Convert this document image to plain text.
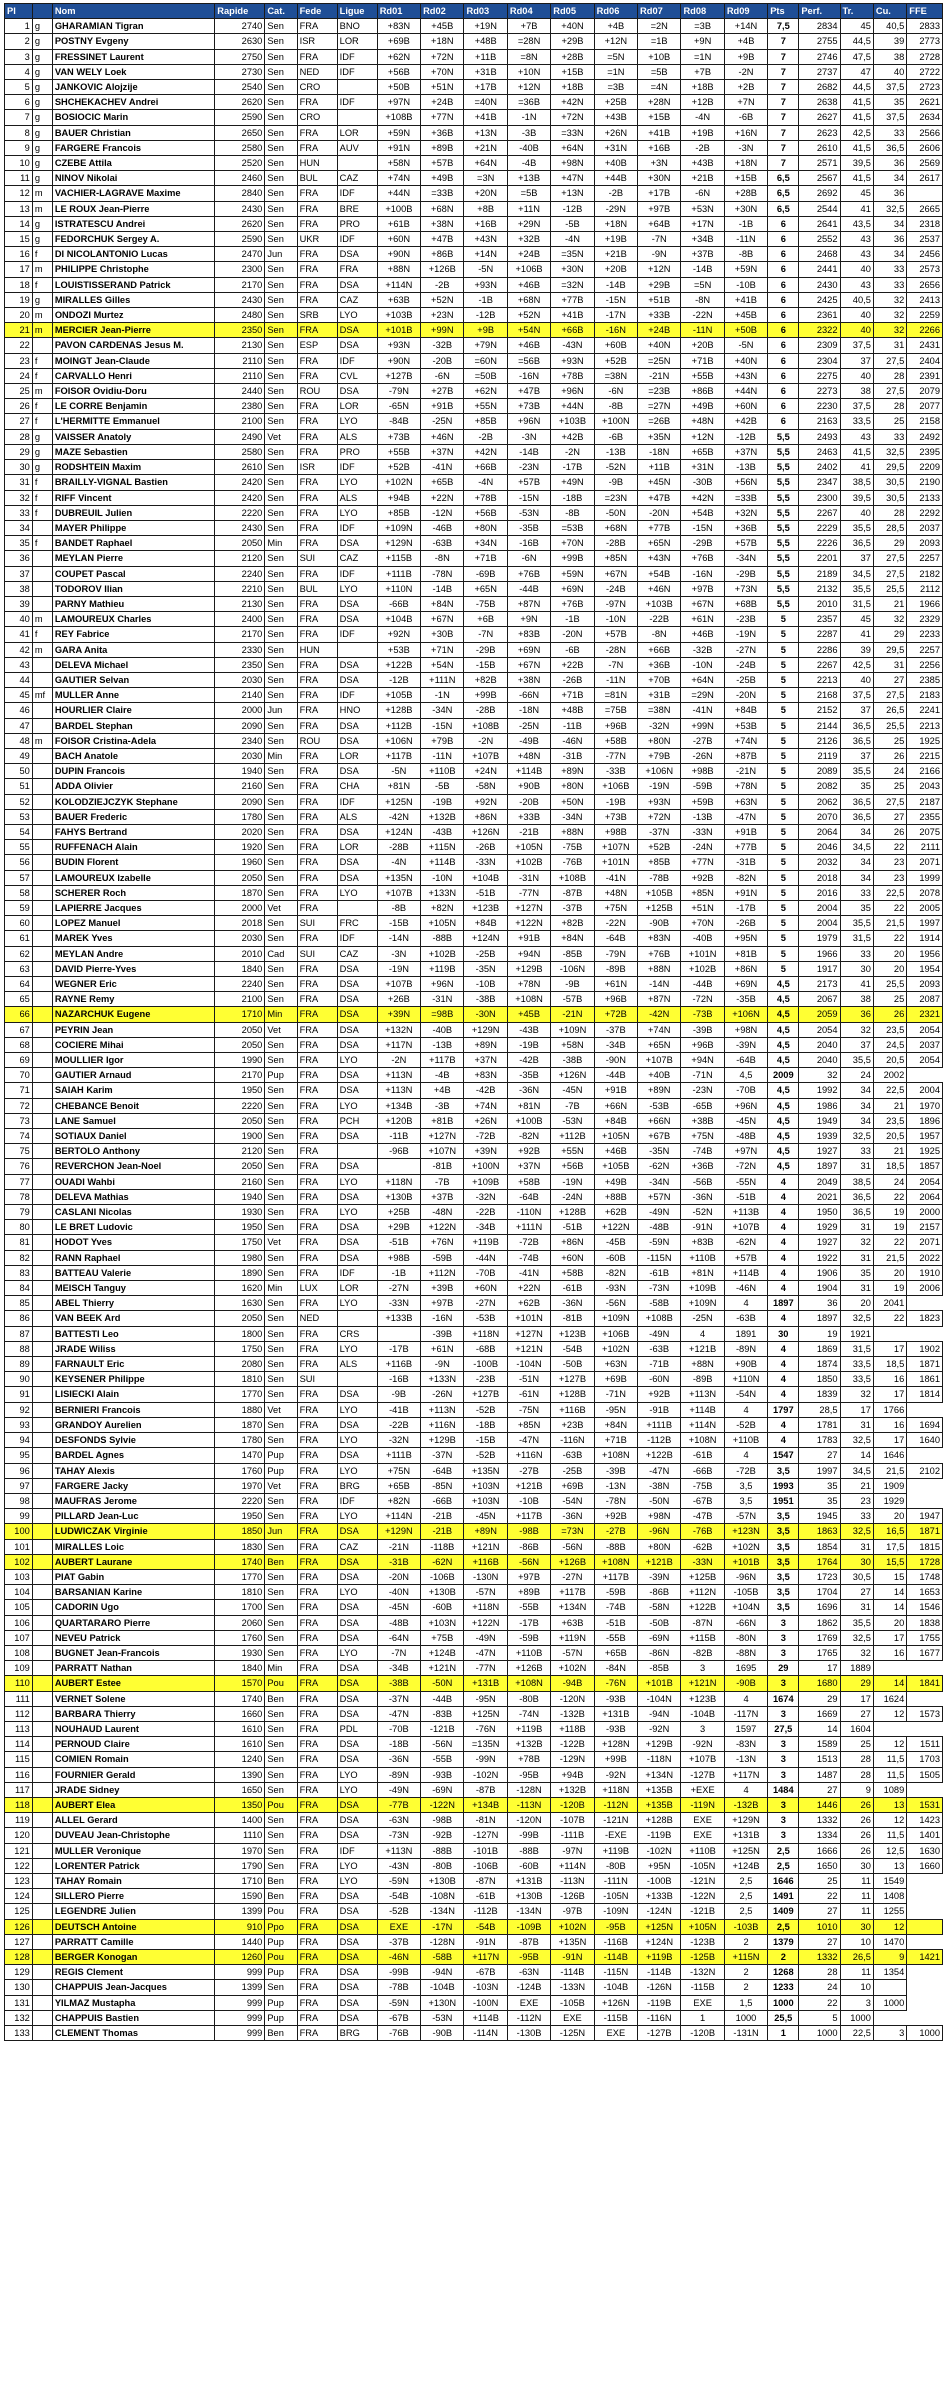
Pl		Nom	Rapide	Cat.	Fede	Ligue	Rd01	Rd02	Rd03	Rd04	Rd05	Rd06	Rd07	Rd08	Rd09	Pts	Perf.	Tr.	Cu.	FFE
1	g	GHARAMIAN Tigran	2740	Sen	FRA	BNO	+83N	+45B	+19N	+7B	+40N	+4B	=2N	=3B	+14N	7,5	2834	45	40,5	2833
2	g	POSTNY Evgeny	2630	Sen	ISR	LOR	+69B	+18N	+48B	=28N	+29B	+12N	=1B	+9N	+4B	7	2755	44,5	39	2773
3	g	FRESSINET Laurent	2750	Sen	FRA	IDF	+62N	+72N	+11B	=8N	+28B	=5N	+10B	=1N	+9B	7	2746	47,5	38	2728
4	g	VAN WELY Loek	2730	Sen	NED	IDF	+56B	+70N	+31B	+10N	+15B	=1N	=5B	+7B	-2N	7	2737	47	40	2722
5	g	JANKOVIC Alojzije	2540	Sen	CRO		+50B	+51N	+17B	+12N	+18B	=3B	=4N	+18B	+2B	7	2682	44,5	37,5	2723
6	g	SHCHEKACHEV Andrei	2620	Sen	FRA	IDF	+97N	+24B	=40N	=36B	+42N	+25B	+28N	+12B	+7N	7	2638	41,5	35	2621
7	g	BOSIOCIC Marin	2590	Sen	CRO		+108B	+77N	+41B	-1N	+72N	+43B	+15B	-4N	-6B	7	2627	41,5	37,5	2634
8	g	BAUER Christian	2650	Sen	FRA	LOR	+59N	+36B	+13N	-3B	=33N	+26N	+41B	+19B	+16N	7	2623	42,5	33	2566
9	g	FARGERE Francois	2580	Sen	FRA	AUV	+91N	+89B	+21N	-40B	+64N	+31N	+16B	-2B	-3N	7	2610	41,5	36,5	2606
10	g	CZEBE Attila	2520	Sen	HUN		+58N	+57B	+64N	-4B	+98N	+40B	+3N	+43B	+18N	7	2571	39,5	36	2569
11	g	NINOV Nikolai	2460	Sen	BUL	CAZ	+74N	+49B	=3N	+13B	+47N	+44B	+30N	+21B	+15B	6,5	2567	41,5	34	2617
12	m	VACHIER-LAGRAVE Maxime	2840	Sen	FRA	IDF	+44N	=33B	+20N	=5B	+13N	-2B	+17B	-6N	+28B	6,5	2692	45	36	
13	m	LE ROUX Jean-Pierre	2430	Sen	FRA	BRE	+100B	+68N	+8B	+11N	-12B	-29N	+97B	+53N	+30N	6,5	2544	41	32,5	2665
14	g	ISTRATESCU Andrei	2620	Sen	FRA	PRO	+61B	+38N	+16B	+29N	-5B	+18N	+64B	+17N	-1B	6	2641	43,5	34	2318
15	g	FEDORCHUK Sergey A.	2590	Sen	UKR	IDF	+60N	+47B	+43N	+32B	-4N	+19B	-7N	+34B	-11N	6	2552	43	36	2537
16	f	DI NICOLANTONIO Lucas	2470	Jun	FRA	DSA	+90N	+86B	+14N	+24B	=35N	+21B	-9N	+37B	-8B	6	2468	43	34	2456
17	m	PHILIPPE Christophe	2300	Sen	FRA	FRA	+88N	+126B	-5N	+106B	+30N	+20B	+12N	-14B	+59N	6	2441	40	33	2573
18	f	LOUISTISSERAND Patrick	2170	Sen	FRA	DSA	+114N	-2B	+93N	+46B	=32N	-14B	+29B	=5N	-10B	6	2430	43	33	2656
19	g	MIRALLES Gilles	2430	Sen	FRA	CAZ	+63B	+52N	-1B	+68N	+77B	-15N	+51B	-8N	+41B	6	2425	40,5	32	2413
20	m	ONDOZI Murtez	2480	Sen	SRB	LYO	+103B	+23N	-12B	+52N	+41B	-17N	+33B	-22N	+45B	6	2361	40	32	2259
21	m	MERCIER Jean-Pierre	2350	Sen	FRA	DSA	+101B	+99N	+9B	+54N	+66B	-16N	+24B	-11N	+50B	6	2322	40	32	2266
22		PAVON CARDENAS Jesus M.	2130	Sen	ESP	DSA	+93N	-32B	+79N	+46B	-43N	+60B	+40N	+20B	-5N	6	2309	37,5	31	2431
23	f	MOINGT Jean-Claude	2110	Sen	FRA	IDF	+90N	-20B	=60N	=56B	+93N	+52B	=25N	+71B	+40N	6	2304	37	27,5	2404
24	f	CARVALLO Henri	2110	Sen	FRA	CVL	+127B	-6N	=50B	-16N	+78B	=38N	-21N	+55B	+43N	6	2275	40	28	2391
25	m	FOISOR Ovidiu-Doru	2440	Sen	ROU	DSA	-79N	+27B	+62N	+47B	+96N	-6N	=23B	+86B	+44N	6	2273	38	27,5	2079
26	f	LE CORRE Benjamin	2380	Sen	FRA	LOR	-65N	+91B	+55N	+73B	+44N	-8B	=27N	+49B	+60N	6	2230	37,5	28	2077
27	f	L'HERMITTE Emmanuel	2100	Sen	FRA	LYO	-84B	-25N	+85B	+96N	+103B	+100N	=26B	+48N	+42B	6	2163	33,5	25	2158
28	g	VAISSER Anatoly	2490	Vet	FRA	ALS	+73B	+46N	-2B	-3N	+42B	-6B	+35N	+12N	-12B	5,5	2493	43	33	2492
29	g	MAZE Sebastien	2580	Sen	FRA	PRO	+55B	+37N	+42N	-14B	-2N	-13B	-18N	+65B	+37N	5,5	2463	41,5	32,5	2395
30	g	RODSHTEIN Maxim	2610	Sen	ISR	IDF	+52B	-41N	+66B	-23N	-17B	-52N	+11B	+31N	-13B	5,5	2402	41	29,5	2209
31	f	BRAILLY-VIGNAL Bastien	2420	Sen	FRA	LYO	+102N	+65B	-4N	+57B	+49N	-9B	+45N	-30B	+56N	5,5	2347	38,5	30,5	2190
32	f	RIFF Vincent	2420	Sen	FRA	ALS	+94B	+22N	+78B	-15N	-18B	=23N	+47B	+42N	=33B	5,5	2300	39,5	30,5	2133
33	f	DUBREUIL Julien	2220	Sen	FRA	LYO	+85B	-12N	+56B	-53N	-8B	-50N	-20N	+54B	+32N	5,5	2267	40	28	2292
34		MAYER Philippe	2430	Sen	FRA	IDF	+109N	-46B	+80N	-35B	=53B	+68N	+77B	-15N	+36B	5,5	2229	35,5	28,5	2037
35	f	BANDET Raphael	2050	Min	FRA	DSA	+129N	-63B	+34N	-16B	+70N	-28B	+65N	-29B	+57B	5,5	2226	36,5	29	2093
36		MEYLAN Pierre	2120	Sen	SUI	CAZ	+115B	-8N	+71B	-6N	+99B	+85N	+43N	+76B	-34N	5,5	2201	37	27,5	2257
37		COUPET Pascal	2240	Sen	FRA	IDF	+111B	-78N	-69B	+76B	+59N	+67N	+54B	-16N	-29B	5,5	2189	34,5	27,5	2182
38		TODOROV Ilian	2210	Sen	BUL	LYO	+110N	-14B	+65N	-44B	+69N	-24B	+46N	+97B	+73N	5,5	2132	35,5	25,5	2112
39		PARNY Mathieu	2130	Sen	FRA	DSA	-66B	+84N	-75B	+87N	+76B	-97N	+103B	+67N	+68B	5,5	2010	31,5	21	1966
40	m	LAMOUREUX Charles	2400	Sen	FRA	DSA	+104B	+67N	+6B	+9N	-1B	-10N	-22B	+61N	-23B	5	2357	45	32	2329
41	f	REY Fabrice	2170	Sen	FRA	IDF	+92N	+30B	-7N	+83B	-20N	+57B	-8N	+46B	-19N	5	2287	41	29	2233
42	m	GARA Anita	2330	Sen	HUN		+53B	+71N	-29B	+69N	-6B	-28N	+66B	-32B	-27N	5	2286	39	29,5	2257
43		DELEVA Michael	2350	Sen	FRA	DSA	+122B	+54N	-15B	+67N	+22B	-7N	+36B	-10N	-24B	5	2267	42,5	31	2256
44		GAUTIER Selvan	2030	Sen	FRA	DSA	-12B	+111N	+82B	+38N	-26B	-11N	+70B	+64N	-25B	5	2213	40	27	2385
45	mf	MULLER Anne	2140	Sen	FRA	IDF	+105B	-1N	+99B	-66N	+71B	=81N	+31B	=29N	-20N	5	2168	37,5	27,5	2183
46		HOURLIER Claire	2000	Jun	FRA	HNO	+128B	-34N	-28B	-18N	+48B	=75B	=38N	-41N	+84B	5	2152	37	26,5	2241
47		BARDEL Stephan	2090	Sen	FRA	DSA	+112B	-15N	+108B	-25N	-11B	+96B	-32N	+99N	+53B	5	2144	36,5	25,5	2213
48	m	FOISOR Cristina-Adela	2340	Sen	ROU	DSA	+106N	+79B	-2N	-49B	-46N	+58B	+80N	-27B	+74N	5	2126	36,5	25	1925
49		BACH Anatole	2030	Min	FRA	LOR	+117B	-11N	+107B	+48N	-31B	-77N	+79B	-26N	+87B	5	2119	37	26	2215
50		DUPIN Francois	1940	Sen	FRA	DSA	-5N	+110B	+24N	+114B	+89N	-33B	+106N	+98B	-21N	5	2089	35,5	24	2166
51		ADDA Olivier	2160	Sen	FRA	CHA	+81N	-5B	-58N	+90B	+80N	+106B	-19N	-59B	+78N	5	2082	35	25	2043
52		KOLODZIEJCZYK Stephane	2090	Sen	FRA	IDF	+125N	-19B	+92N	-20B	+50N	-19B	+93N	+59B	+63N	5	2062	36,5	27,5	2187
53		BAUER Frederic	1780	Sen	FRA	ALS	-42N	+132B	+86N	+33B	-34N	+73B	+72N	-13B	-47N	5	2070	36,5	27	2355
54		FAHYS Bertrand	2020	Sen	FRA	DSA	+124N	-43B	+126N	-21B	+88N	+98B	-37N	-33N	+91B	5	2064	34	26	2075
55		RUFFENACH Alain	1920	Sen	FRA	LOR	-28B	+115N	-26B	+105N	-75B	+107N	+52B	-24N	+77B	5	2046	34,5	22	2111
56		BUDIN Florent	1960	Sen	FRA	DSA	-4N	+114B	-33N	+102B	-76B	+101N	+85B	+77N	-31B	5	2032	34	23	2071
57		LAMOUREUX Izabelle	2050	Sen	FRA	DSA	+135N	-10N	+104B	-31N	+108B	-41N	-78B	+92B	-82N	5	2018	34	23	1999
58		SCHERER Roch	1870	Sen	FRA	LYO	+107B	+133N	-51B	-77N	-87B	+48N	+105B	+85N	+91N	5	2016	33	22,5	2078
59		LAPIERRE Jacques	2000	Vet	FRA		-8B	+82N	+123B	+127N	-37B	+75N	+125B	+51N	-17B	5	2004	35	22	2005
60		LOPEZ Manuel	2018	Sen	SUI	FRC	-15B	+105N	+84B	+122N	+82B	-22N	-90B	+70N	-26B	5	2004	35,5	21,5	1997
61		MAREK Yves	2030	Sen	FRA	IDF	-14N	-88B	+124N	+91B	+84N	-64B	+83N	-40B	+95N	5	1979	31,5	22	1914
62		MEYLAN Andre	2010	Cad	SUI	CAZ	-3N	+102B	-25B	+94N	-85B	-79N	+76B	+101N	+81B	5	1966	33	20	1956
63		DAVID Pierre-Yves	1840	Sen	FRA	DSA	-19N	+119B	-35N	+129B	-106N	-89B	+88N	+102B	+86N	5	1917	30	20	1954
64		WEGNER Eric	2240	Sen	FRA	DSA	+107B	+96N	-10B	+78N	-9B	+61N	-14N	-44B	+69N	4,5	2173	41	25,5	2093
65		RAYNE Remy	2100	Sen	FRA	DSA	+26B	-31N	-38B	+108N	-57B	+96B	+87N	-72N	-35B	4,5	2067	38	25	2087
66		NAZARCHUK Eugene	1710	Min	FRA	DSA	+39N	=98B	-30N	+45B	-21N	+72B	-42N	-73B	+106N	4,5	2059	36	26	2321
67		PEYRIN Jean	2050	Vet	FRA	DSA	+132N	-40B	+129N	-43B	+109N	-37B	+74N	-39B	+98N	4,5	2054	32	23,5	2054
68		COCIERE Mihai	2050	Sen	FRA	DSA	+117N	-13B	+89N	-19B	+58N	-34B	+65N	+96B	-39N	4,5	2040	37	24,5	2037
69		MOULLIER Igor	1990	Sen	FRA	LYO	-2N	+117B	+37N	-42B	-38B	-90N	+107B	+94N	-64B	4,5	2040	35,5	20,5	2054
70		GAUTIER Arnaud	2170	Pup	FRA	DSA	+113N	-4B	+83N	-35B	+126N	-44B	+40B	-71N	4,5	2009	32	24	2002	
71		SAIAH Karim	1950	Sen	FRA	DSA	+113N	+4B	-42B	-36N	-45N	+91B	+89N	-23N	-70B	4,5	1992	34	22,5	2004
72		CHEBANCE Benoit	2220	Sen	FRA	LYO	+134B	-3B	+74N	+81N	-7B	+66N	-53B	-65B	+96N	4,5	1986	34	21	1970
73		LANE Samuel	2050	Sen	FRA	PCH	+120B	+81B	+26N	+100B	-53N	+84B	+66N	+38B	-45N	4,5	1949	34	23,5	1896
74		SOTIAUX Daniel	1900	Sen	FRA	DSA	-11B	+127N	-72B	-82N	+112B	+105N	+67B	+75N	-48B	4,5	1939	32,5	20,5	1957
75		BERTOLO Anthony	2120	Sen	FRA		-96B	+107N	+39N	+92B	+55N	+46B	-35N	-74B	+97N	4,5	1927	33	21	1925
76		REVERCHON Jean-Noel	2050	Sen	FRA	DSA		-81B	+100N	+37N	+56B	+105B	-62N	+36B	-72N	4,5	1897	31	18,5	1857
77		OUADI Wahbi	2160	Sen	FRA	LYO	+118N	-7B	+109B	+58B	-19N	+49B	-34N	-56B	-55N	4	2049	38,5	24	2054
78		DELEVA Mathias	1940	Sen	FRA	DSA	+130B	+37B	-32N	-64B	-24N	+88B	+57N	-36N	-51B	4	2021	36,5	22	2064
79		CASLANI Nicolas	1930	Sen	FRA	LYO	+25B	-48N	-22B	-110N	+128B	+62B	-49N	-52N	+113B	4	1950	36,5	19	2000
80		LE BRET Ludovic	1950	Sen	FRA	DSA	+29B	+122N	-34B	+111N	-51B	+122N	-48B	-91N	+107B	4	1929	31	19	2157
81		HODOT Yves	1750	Vet	FRA	DSA	-51B	+76N	+119B	-72B	+86N	-45B	-59N	+83B	-62N	4	1927	32	22	2071
82		RANN Raphael	1980	Sen	FRA	DSA	+98B	-59B	-44N	-74B	+60N	-60B	-115N	+110B	+57B	4	1922	31	21,5	2022
83		BATTEAU Valerie	1890	Sen	FRA	IDF	-1B	+112N	-70B	-41N	+58B	-82N	-61B	+81N	+114B	4	1906	35	20	1910
84		MEISCH Tanguy	1620	Min	LUX	LOR	-27N	+39B	+60N	+22N	-61B	-93N	-73N	+109B	-46N	4	1904	31	19	2006
85		ABEL Thierry	1630	Sen	FRA	LYO	-33N	+97B	-27N	+62B	-36N	-56N	-58B	+109N	4	1897	36	20	2041	
86		VAN BEEK Ard	2050	Sen	NED		+133B	-16N	-53B	+101N	-81B	+109N	+108B	-25N	-63B	4	1897	32,5	22	1823
87		BATTESTI Leo	1800	Sen	FRA	CRS		-39B	+118N	+127N	+123B	+106B	-49N	4	1891	30	19	1921		
88		JRADE Wiliss	1750	Sen	FRA	LYO	-17B	+61N	-68B	+121N	-54B	+102N	-63B	+121B	-89N	4	1869	31,5	17	1902
89		FARNAULT Eric	2080	Sen	FRA	ALS	+116B	-9N	-100B	-104N	-50B	+63N	-71B	+88N	+90B	4	1874	33,5	18,5	1871
90		KEYSENER Philippe	1810	Sen	SUI		-16B	+133N	-23B	-51N	+127B	+69B	-60N	-89B	+110N	4	1850	33,5	16	1861
91		LISIECKI Alain	1770	Sen	FRA	DSA	-9B	-26N	+127B	-61N	+128B	-71N	+92B	+113N	-54N	4	1839	32	17	1814
92		BERNIERI Francois	1880	Vet	FRA	LYO	-41B	+113N	-52B	-75N	+116B	-95N	-91B	+114B	4	1797	28,5	17	1766	
93		GRANDOY Aurelien	1870	Sen	FRA	DSA	-22B	+116N	-18B	+85N	+23B	+84N	+111B	+114N	-52B	4	1781	31	16	1694
94		DESFONDS Sylvie	1780	Sen	FRA	LYO	-32N	+129B	-15B	-47N	-116N	+71B	-112B	+108N	+110B	4	1783	32,5	17	1640
95		BARDEL Agnes	1470	Pup	FRA	DSA	+111B	-37N	-52B	+116N	-63B	+108N	+122B	-61B	4	1547	27	14	1646	
96		TAHAY Alexis	1760	Pup	FRA	LYO	+75N	-64B	+135N	-27B	-25B	-39B	-47N	-66B	-72B	3,5	1997	34,5	21,5	2102
97		FARGERE Jacky	1970	Vet	FRA	BRG	+65B	-85N	+103N	+121B	+69B	-13N	-38N	-75B	3,5	1993	35	21	1909	
98		MAUFRAS Jerome	2220	Sen	FRA	IDF	+82N	-66B	+103N	-10B	-54N	-78N	-50N	-67B	3,5	1951	35	23	1929	
99		PILLARD Jean-Luc	1950	Sen	FRA	LYO	+114N	-21B	-45N	+117B	-36N	+92B	+98N	-47B	-57N	3,5	1945	33	20	1947
100		LUDWICZAK Virginie	1850	Jun	FRA	DSA	+129N	-21B	+89N	-98B	=73N	-27B	-96N	-76B	+123N	3,5	1863	32,5	16,5	1871
101		MIRALLES Loic	1830	Sen	FRA	CAZ	-21N	-118B	+121N	-86B	-56N	-88B	+80N	-62B	+102N	3,5	1854	31	17,5	1815
102		AUBERT Laurane	1740	Ben	FRA	DSA	-31B	-62N	+116B	-56N	+126B	+108N	+121B	-33N	+101B	3,5	1764	30	15,5	1728
103		PIAT Gabin	1770	Sen	FRA	DSA	-20N	-106B	-130N	+97B	-27N	+117B	-39N	+125B	-96N	3,5	1723	30,5	15	1748
104		BARSANIAN Karine	1810	Sen	FRA	LYO	-40N	+130B	-57N	+89B	+117B	-59B	-86B	+112N	-105B	3,5	1704	27	14	1653
105		CADORIN Ugo	1700	Sen	FRA	DSA	-45N	-60B	+118N	-55B	+134N	-74B	-58N	+122B	+104N	3,5	1696	31	14	1546
106		QUARTARARO Pierre	2060	Sen	FRA	DSA	-48B	+103N	+122N	-17B	+63B	-51B	-50B	-87N	-66N	3	1862	35,5	20	1838
107		NEVEU Patrick	1760	Sen	FRA	DSA	-64N	+75B	-49N	-59B	+119N	-55B	-69N	+115B	-80N	3	1769	32,5	17	1755
108		BUGNET Jean-Francois	1930	Sen	FRA	LYO	-7N	+124B	-47N	+110B	-57N	+65B	-86N	-82B	-88N	3	1765	32	16	1677
109		PARRATT Nathan	1840	Min	FRA	DSA	-34B	+121N	-77N	+126B	+102N	-84N	-85B	3	1695	29	17	1889		
110		AUBERT Estee	1570	Pou	FRA	DSA	-38B	-50N	+131B	+108N	-94B	-76N	+101B	+121N	-90B	3	1680	29	14	1841
111		VERNET Solene	1740	Ben	FRA	DSA	-37N	-44B	-95N	-80B	-120N	-93B	-104N	+123B	4	1674	29	17	1624	
112		BARBARA Thierry	1660	Sen	FRA	DSA	-47N	-83B	+125N	-74N	-132B	+131B	-94N	-104B	-117N	3	1669	27	12	1573
113		NOUHAUD Laurent	1610	Sen	FRA	PDL	-70B	-121B	-76N	+119B	+118B	-93B	-92N	3	1597	27,5	14	1604		
114		PERNOUD Claire	1610	Sen	FRA	DSA	-18B	-56N	=135N	+132B	-122B	+128N	+129B	-92N	-83N	3	1589	25	12	1511
115		COMIEN Romain	1240	Sen	FRA	DSA	-36N	-55B	-99N	+78B	-129N	+99B	-118N	+107B	-13N	3	1513	28	11,5	1703
116		FOURNIER Gerald	1390	Sen	FRA	LYO	-89N	-93B	-102N	-95B	+94B	-92N	+134N	-127B	+117N	3	1487	28	11,5	1505
117		JRADE Sidney	1650	Sen	FRA	LYO	-49N	-69N	-87B	-128N	+132B	+118N	+135B	+EXE	4	1484	27	9	1089	
118		AUBERT Elea	1350	Pou	FRA	DSA	-77B	-122N	+134B	-113N	-120B	-112N	+135B	-119N	-132B	3	1446	26	13	1531
119		ALLEL Gerard	1400	Sen	FRA	DSA	-63N	-98B	-81N	-120N	-107B	-121N	+128B	EXE	+129N	3	1332	26	12	1423
120		DUVEAU Jean-Christophe	1110	Sen	FRA	DSA	-73N	-92B	-127N	-99B	-111B	-EXE	-119B	EXE	+131B	3	1334	26	11,5	1401
121		MULLER Veronique	1970	Sen	FRA	IDF	+113N	-88B	-101B	-88B	-97N	+119B	-102N	+110B	+125N	2,5	1666	26	12,5	1630
122		LORENTER Patrick	1790	Sen	FRA	LYO	-43N	-80B	-106B	-60B	+114N	-80B	+95N	-105N	+124B	2,5	1650	30	13	1660
123		TAHAY Romain	1710	Ben	FRA	LYO	-59N	+130B	-87N	+131B	-113N	-111N	-100B	-121N	2,5	1646	25	11	1549	
124		SILLERO Pierre	1590	Ben	FRA	DSA	-54B	-108N	-61B	+130B	-126B	-105N	+133B	-122N	2,5	1491	22	11	1408	
125		LEGENDRE Julien	1399	Pou	FRA	DSA	-52B	-134N	-112B	-134N	-97B	-109N	-124N	-121B	2,5	1409	27	11	1255	
126		DEUTSCH Antoine	910	Ppo	FRA	DSA	EXE	-17N	-54B	-109B	+102N	-95B	+125N	+105N	-103B	2,5	1010	30	12	
127		PARRATT Camille	1440	Pup	FRA	DSA	-37B	-128N	-91N	-87B	+135N	-116B	+124N	-123B	2	1379	27	10	1470	
128		BERGER Konogan	1260	Pou	FRA	DSA	-46N	-58B	+117N	-95B	-91N	-114B	+119B	-125B	+115N	2	1332	26,5	9	1421
129		REGIS Clement	999	Pup	FRA	DSA	-99B	-94N	-67B	-63N	-114B	-115N	-114B	-132N	2	1268	28	11	1354	
130		CHAPPUIS Jean-Jacques	1399	Sen	FRA	DSA	-78B	-104B	-103N	-124B	-133N	-104B	-126N	-115B	2	1233	24	10		
131		YILMAZ Mustapha	999	Pup	FRA	DSA	-59N	+130N	-100N	EXE	-105B	+126N	-119B	EXE	1,5	1000	22	3	1000	
132		CHAPPUIS Bastien	999	Pup	FRA	DSA	-67B	-53N	+114B	-112N	EXE	-115B	-116N	1	1000	25,5	5	1000		
133		CLEMENT Thomas	999	Ben	FRA	BRG	-76B	-90B	-114N	-130B	-125N	EXE	-127B	-120B	-131N	1	1000	22,5	3	1000
